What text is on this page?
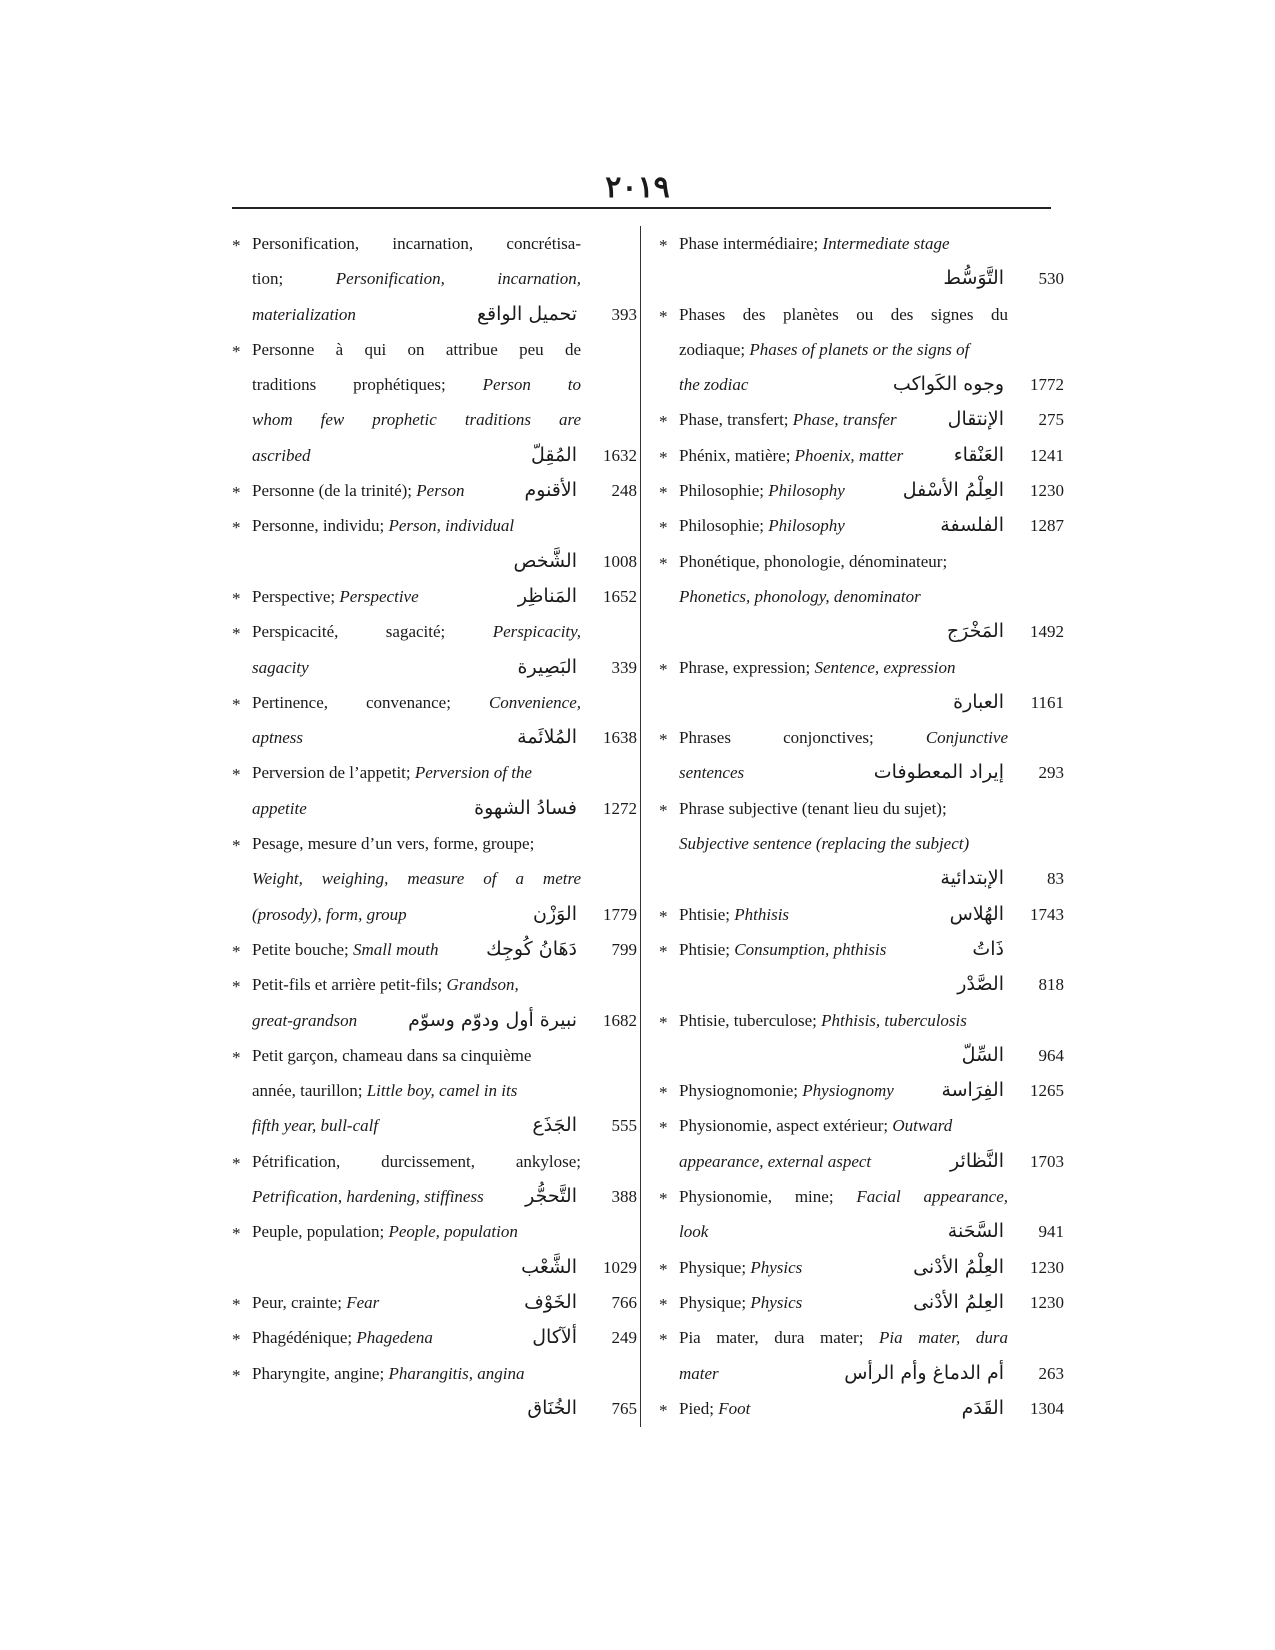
٢٠١٩
* Personification, incarnation, concrétisa-
tion; Personification, incarnation,
materialization	تحميل الواقع	393
* Personne à qui on attribue peu de
traditions prophétiques; Person to
whom few prophetic traditions are
ascribed	المُقِلّ	1632
* Personne (de la trinité); Person	الأقنوم	248
* Personne, individu; Person, individual
الشَّخص	1008
* Perspective; Perspective	المَناظِر	1652
* Perspicacité, sagacité; Perspicacity,
sagacity	البَصِيرة	339
* Pertinence, convenance; Convenience,
aptness	المُلائَمة	1638
* Perversion de l’appetit; Perversion of the
appetite	فسادُ الشهوة	1272
* Pesage, mesure d’un vers, forme, groupe;
Weight, weighing, measure of a metre
(prosody), form, group	الوَزْن	1779
* Petite bouche; Small mouth	دَهَانُ كُوجِك	799
* Petit-fils et arrière petit-fils; Grandson,
great-grandson	نبيرة أول ودوّم وسوّم	1682
* Petit garçon, chameau dans sa cinquième
année, taurillon; Little boy, camel in its
fifth year, bull-calf	الجَذَع	555
* Pétrification, durcissement, ankylose;
Petrification, hardening, stiffiness	التَّحجُّر	388
* Peuple, population; People, population
الشَّعْب	1029
* Peur, crainte; Fear	الخَوْف	766
* Phagédénique; Phagedena	ألآكال	249
* Pharyngite, angine; Pharangitis, angina
الخُنَاق	765
* Phase intermédiaire; Intermediate stage
التَّوَسُّط	530
* Phases des planètes ou des signes du
zodiaque; Phases of planets or the signs of
the zodiac	وجوه الكَواكب	1772
* Phase, transfert; Phase, transfer	الإنتقال	275
* Phénix, matière; Phoenix, matter	العَنْقاء	1241
* Philosophie; Philosophy	العِلْمُ الأسْفل	1230
* Philosophie; Philosophy	الفلسفة	1287
* Phonétique, phonologie, dénominateur;
Phonetics, phonology, denominator
المَخْرَج	1492
* Phrase, expression; Sentence, expression
العبارة	1161
* Phrases conjonctives; Conjunctive
sentences	إيراد المعطوفات	293
* Phrase subjective (tenant lieu du sujet);
Subjective sentence (replacing the subject)
الإبتدائية	83
* Phtisie; Phthisis	الهُلاس	1743
* Phtisie; Consumption, phthisis	ذَاتُ
الصَّدْر	818
* Phtisie, tuberculose; Phthisis, tuberculosis
السِّلّ	964
* Physiognomonie; Physiognomy	الفِرَاسة	1265
* Physionomie, aspect extérieur; Outward
appearance, external aspect	النَّظائر	1703
* Physionomie, mine; Facial appearance,
look	السَّحَنة	941
* Physique; Physics	العِلْمُ الأدْنى	1230
* Physique; Physics	العِلمُ الأدْنى	1230
* Pia mater, dura mater; Pia mater, dura
mater	أم الدماغ وأم الرأس	263
* Pied; Foot	القَدَم	1304
